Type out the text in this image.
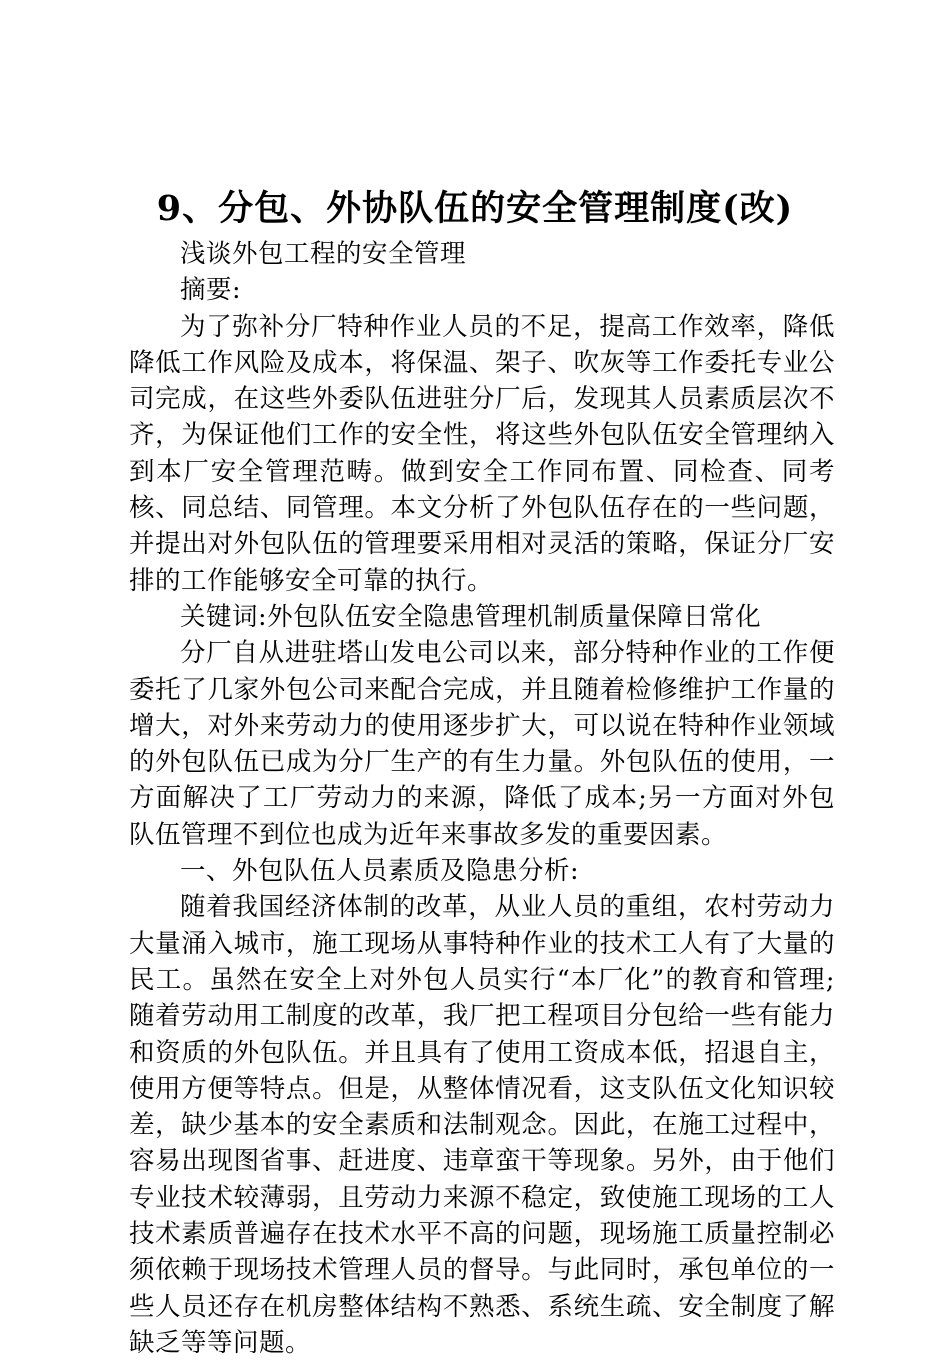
9、分包、外协队伍的安全管理制度(改)

浅谈外包工程的安全管理

摘要:

为了弥补分厂特种作业人员的不足，提高工作效率，降低降低工作风险及成本，将保温、架子、吹灰等工作委托专业公司完成，在这些外委队伍进驻分厂后，发现其人员素质层次不齐，为保证他们工作的安全性，将这些外包队伍安全管理纳入到本厂安全管理范畴。做到安全工作同布置、同检查、同考核、同总结、同管理。本文分析了外包队伍存在的一些问题，并提出对外包队伍的管理要采用相对灵活的策略，保证分厂安排的工作能够安全可靠的执行。

关键词:外包队伍安全隐患管理机制质量保障日常化

分厂自从进驻塔山发电公司以来，部分特种作业的工作便委托了几家外包公司来配合完成，并且随着检修维护工作量的增大，对外来劳动力的使用逐步扩大，可以说在特种作业领域的外包队伍已成为分厂生产的有生力量。外包队伍的使用，一方面解决了工厂劳动力的来源，降低了成本;另一方面对外包队伍管理不到位也成为近年来事故多发的重要因素。

一、外包队伍人员素质及隐患分析:

随着我国经济体制的改革，从业人员的重组，农村劳动力大量涌入城市，施工现场从事特种作业的技术工人有了大量的民工。虽然在安全上对外包人员实行“本厂化”的教育和管理;随着劳动用工制度的改革，我厂把工程项目分包给一些有能力和资质的外包队伍。并且具有了使用工资成本低，招退自主，使用方便等特点。但是，从整体情况看，这支队伍文化知识较差，缺少基本的安全素质和法制观念。因此，在施工过程中，容易出现图省事、赶进度、违章蛮干等现象。另外，由于他们专业技术较薄弱，且劳动力来源不稳定，致使施工现场的工人技术素质普遍存在技术水平不高的问题，现场施工质量控制必须依赖于现场技术管理人员的督导。与此同时，承包单位的一些人员还存在机房整体结构不熟悉、系统生疏、安全制度了解缺乏等等问题。
